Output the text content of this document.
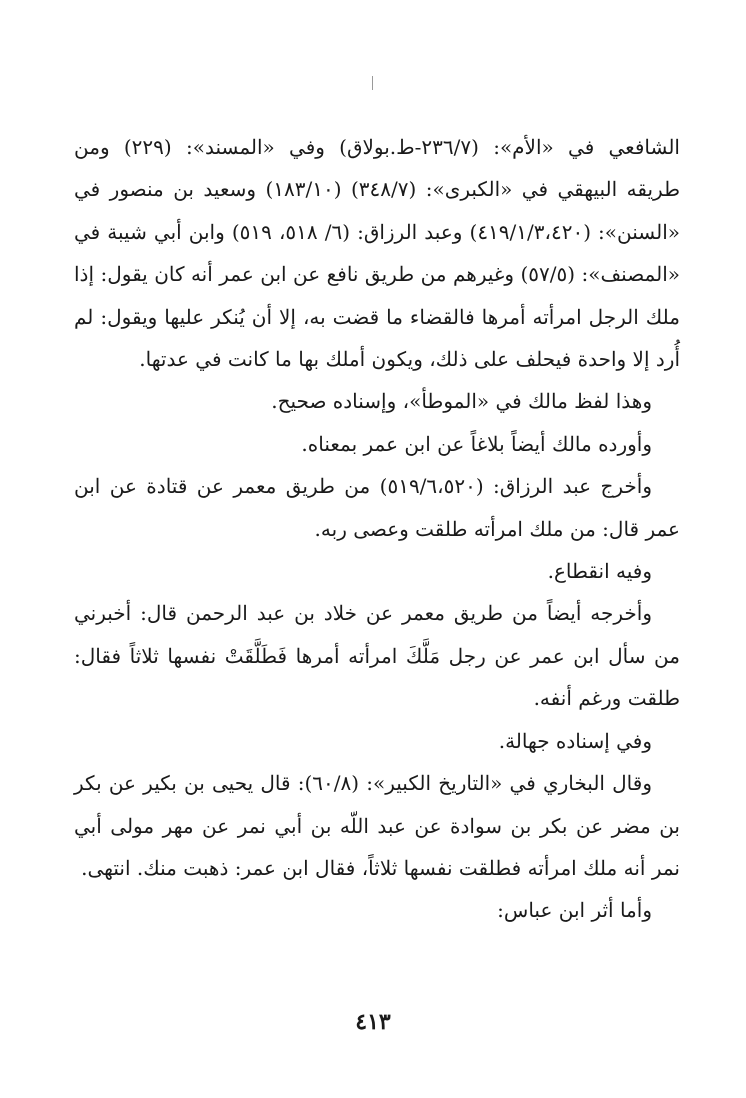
الشافعي في «الأم»: (٢٣٦/٧-ط.بولاق) وفي «المسند»: (٢٢٩) ومن طريقه البيهقي في «الكبرى»: (٣٤٨/٧) (١٨٣/١٠) وسعيد بن منصور في «السنن»: (٤١٩/١/٣،٤٢٠) وعبد الرزاق: (٦/ ٥١٨، ٥١٩) وابن أبي شيبة في «المصنف»: (٥٧/٥) وغيرهم من طريق نافع عن ابن عمر أنه كان يقول: إذا ملك الرجل امرأته أمرها فالقضاء ما قضت به، إلا أن يُنكر عليها ويقول: لم أُرد إلا واحدة فيحلف على ذلك، ويكون أملك بها ما كانت في عدتها.

وهذا لفظ مالك في «الموطأ»، وإسناده صحيح.

وأورده مالك أيضاً بلاغاً عن ابن عمر بمعناه.

وأخرج عبد الرزاق: (٥١٩/٦،٥٢٠) من طريق معمر عن قتادة عن ابن عمر قال: من ملك امرأته طلقت وعصى ربه.

وفيه انقطاع.

وأخرجه أيضاً من طريق معمر عن خلاد بن عبد الرحمن قال: أخبرني من سأل ابن عمر عن رجل مَلَّكَ امرأته أمرها فَطَلَّقَتْ نفسها ثلاثاً فقال: طلقت ورغم أنفه.

وفي إسناده جهالة.

وقال البخاري في «التاريخ الكبير»: (٦٠/٨): قال يحيى بن بكير عن بكر بن مضر عن بكر بن سوادة عن عبد اللّه بن أبي نمر عن مهر مولى أبي نمر أنه ملك امرأته فطلقت نفسها ثلاثاً، فقال ابن عمر: ذهبت منك. انتهى.

وأما أثر ابن عباس:

٤١٣
